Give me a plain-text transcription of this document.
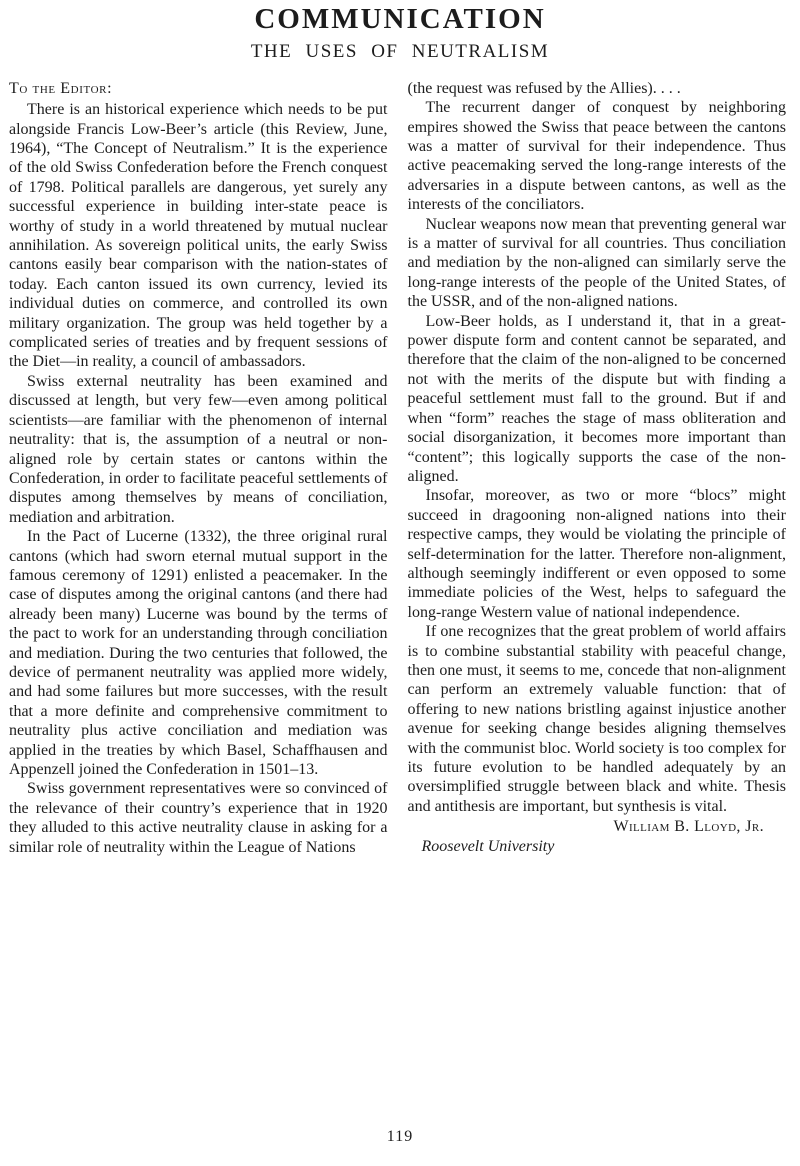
COMMUNICATION
THE USES OF NEUTRALISM

To the Editor:

There is an historical experience which needs to be put alongside Francis Low-Beer’s article (this Review, June, 1964), “The Concept of Neutralism.” It is the experience of the old Swiss Confederation before the French conquest of 1798. Political parallels are dangerous, yet surely any successful experience in building inter-state peace is worthy of study in a world threatened by mutual nuclear annihilation. As sovereign political units, the early Swiss cantons easily bear comparison with the nation-states of today. Each canton issued its own currency, levied its individual duties on commerce, and controlled its own military organization. The group was held together by a complicated series of treaties and by frequent sessions of the Diet—in reality, a council of ambassadors.

Swiss external neutrality has been examined and discussed at length, but very few—even among political scientists—are familiar with the phenomenon of internal neutrality: that is, the assumption of a neutral or non-aligned role by certain states or cantons within the Confederation, in order to facilitate peaceful settlements of disputes among themselves by means of conciliation, mediation and arbitration.

In the Pact of Lucerne (1332), the three original rural cantons (which had sworn eternal mutual support in the famous ceremony of 1291) enlisted a peacemaker. In the case of disputes among the original cantons (and there had already been many) Lucerne was bound by the terms of the pact to work for an understanding through conciliation and mediation. During the two centuries that followed, the device of permanent neutrality was applied more widely, and had some failures but more successes, with the result that a more definite and comprehensive commitment to neutrality plus active conciliation and mediation was applied in the treaties by which Basel, Schaffhausen and Appenzell joined the Confederation in 1501–13.

Swiss government representatives were so convinced of the relevance of their country’s experience that in 1920 they alluded to this active neutrality clause in asking for a similar role of neutrality within the League of Nations

(the request was refused by the Allies). . . .

The recurrent danger of conquest by neighboring empires showed the Swiss that peace between the cantons was a matter of survival for their independence. Thus active peacemaking served the long-range interests of the adversaries in a dispute between cantons, as well as the interests of the conciliators.

Nuclear weapons now mean that preventing general war is a matter of survival for all countries. Thus conciliation and mediation by the non-aligned can similarly serve the long-range interests of the people of the United States, of the USSR, and of the non-aligned nations.

Low-Beer holds, as I understand it, that in a great-power dispute form and content cannot be separated, and therefore that the claim of the non-aligned to be concerned not with the merits of the dispute but with finding a peaceful settlement must fall to the ground. But if and when “form” reaches the stage of mass obliteration and social disorganization, it becomes more important than “content”; this logically supports the case of the non-aligned.

Insofar, moreover, as two or more “blocs” might succeed in dragooning non-aligned nations into their respective camps, they would be violating the principle of self-determination for the latter. Therefore non-alignment, although seemingly indifferent or even opposed to some immediate policies of the West, helps to safeguard the long-range Western value of national independence.

If one recognizes that the great problem of world affairs is to combine substantial stability with peaceful change, then one must, it seems to me, concede that non-alignment can perform an extremely valuable function: that of offering to new nations bristling against injustice another avenue for seeking change besides aligning themselves with the communist bloc. World society is too complex for its future evolution to be handled adequately by an oversimplified struggle between black and white. Thesis and antithesis are important, but synthesis is vital.

William B. Lloyd, Jr.

Roosevelt University

119
